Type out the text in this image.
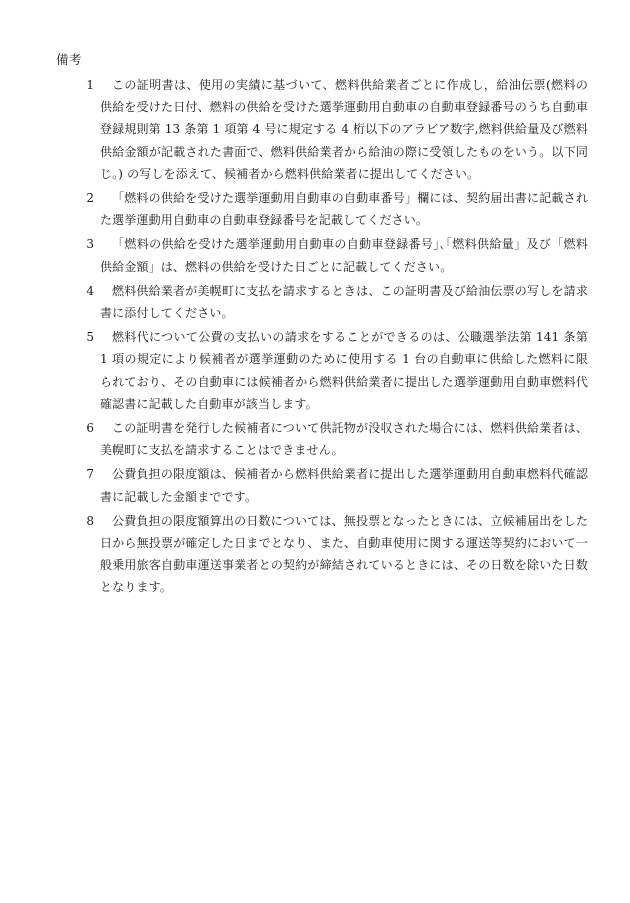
備考
1	この証明書は、使用の実績に基づいて、燃料供給業者ごとに作成し，給油伝票(燃料の供給を受けた日付、燃料の供給を受けた選挙運動用自動車の自動車登録番号のうち自動車登録規則第 13 条第 1 項第 4 号に規定する 4 桁以下のアラビア数字,燃料供給量及び燃料供給金額が記載された書面で、燃料供給業者から給油の際に受領したものをいう。以下同じ。) の写しを添えて、候補者から燃料供給業者に提出してください。
2	「燃料の供給を受けた選挙運動用自動車の自動車番号」欄には、契約届出書に記載された選挙運動用自動車の自動車登録番号を記載してください。
3	「燃料の供給を受けた選挙運動用自動車の自動車登録番号｣､｢燃料供給量」及び「燃料供給金額」は、燃料の供給を受けた日ごとに記載してください。
4	燃料供給業者が美幌町に支払を請求するときは、この証明書及び給油伝票の写しを請求書に添付してください。
5	燃料代について公費の支払いの請求をすることができるのは、公職選挙法第 141 条第 1 項の規定により候補者が選挙運動のために使用する 1 台の自動車に供給した燃料に限られており、その自動車には候補者から燃料供給業者に提出した選挙運動用自動車燃料代確認書に記載した自動車が該当します。
6	この証明書を発行した候補者について供託物が没収された場合には、燃料供給業者は、美幌町に支払を請求することはできません。
7	公費負担の限度額は、候補者から燃料供給業者に提出した選挙運動用自動車燃料代確認書に記載した金額までです。
8	公費負担の限度額算出の日数については、無投票となったときには、立候補届出をした日から無投票が確定した日までとなり、また、自動車使用に関する運送等契約において一般乗用旅客自動車運送事業者との契約が締結されているときには、その日数を除いた日数となります。
